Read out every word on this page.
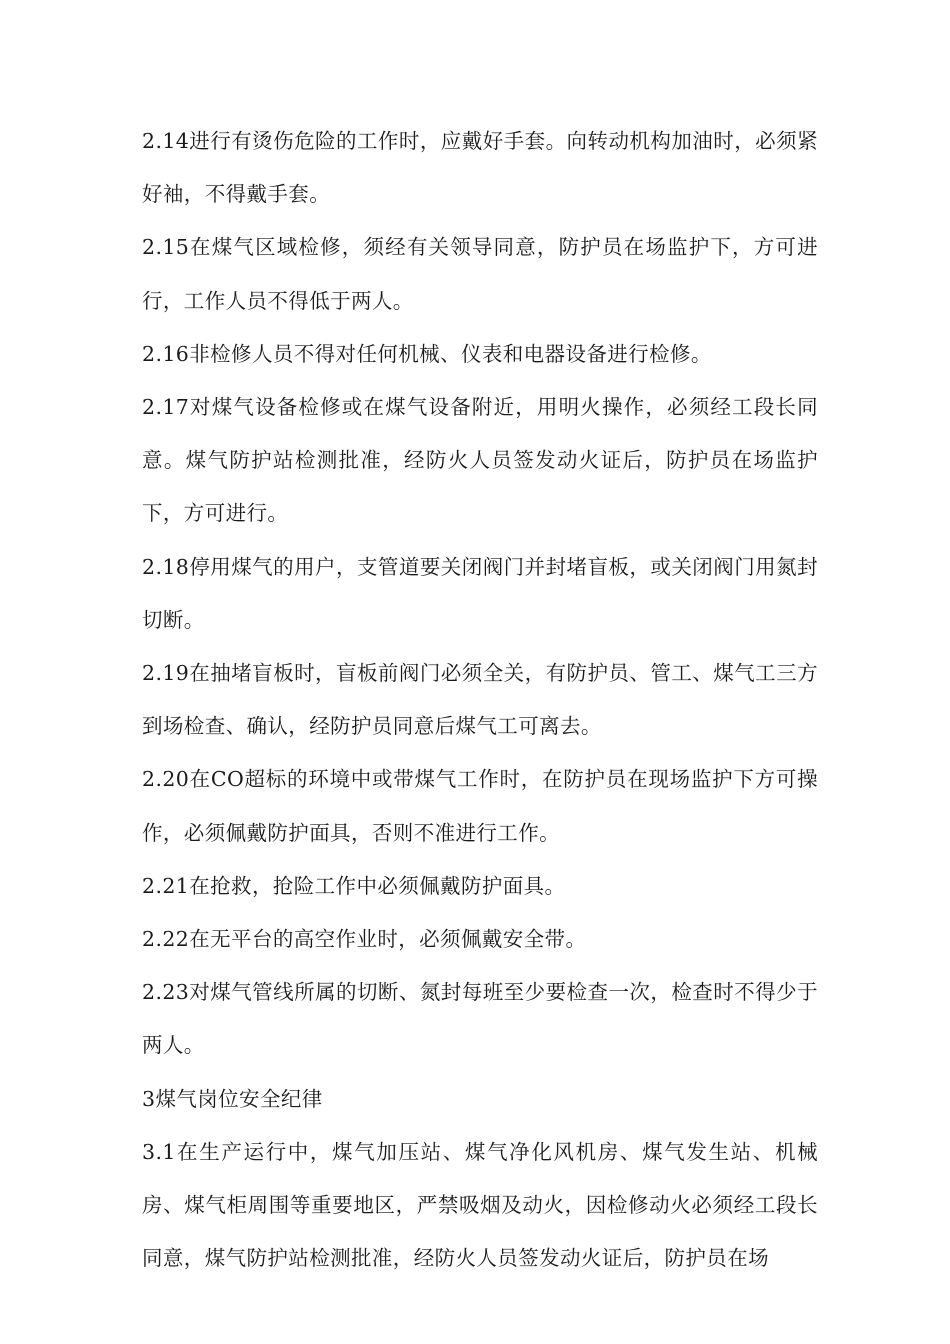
2.14进行有烫伤危险的工作时，应戴好手套。向转动机构加油时，必须紧好袖，不得戴手套。

2.15在煤气区域检修，须经有关领导同意，防护员在场监护下，方可进行，工作人员不得低于两人。

2.16非检修人员不得对任何机械、仪表和电器设备进行检修。

2.17对煤气设备检修或在煤气设备附近，用明火操作，必须经工段长同意。煤气防护站检测批准，经防火人员签发动火证后，防护员在场监护下，方可进行。

2.18停用煤气的用户，支管道要关闭阀门并封堵盲板，或关闭阀门用氮封切断。

2.19在抽堵盲板时，盲板前阀门必须全关，有防护员、管工、煤气工三方到场检查、确认，经防护员同意后煤气工可离去。

2.20在CO超标的环境中或带煤气工作时，在防护员在现场监护下方可操作，必须佩戴防护面具，否则不准进行工作。

2.21在抢救，抢险工作中必须佩戴防护面具。

2.22在无平台的高空作业时，必须佩戴安全带。

2.23对煤气管线所属的切断、氮封每班至少要检查一次，检查时不得少于两人。

3煤气岗位安全纪律

3.1在生产运行中，煤气加压站、煤气净化风机房、煤气发生站、机械房、煤气柜周围等重要地区，严禁吸烟及动火，因检修动火必须经工段长同意，煤气防护站检测批准，经防火人员签发动火证后，防护员在场
